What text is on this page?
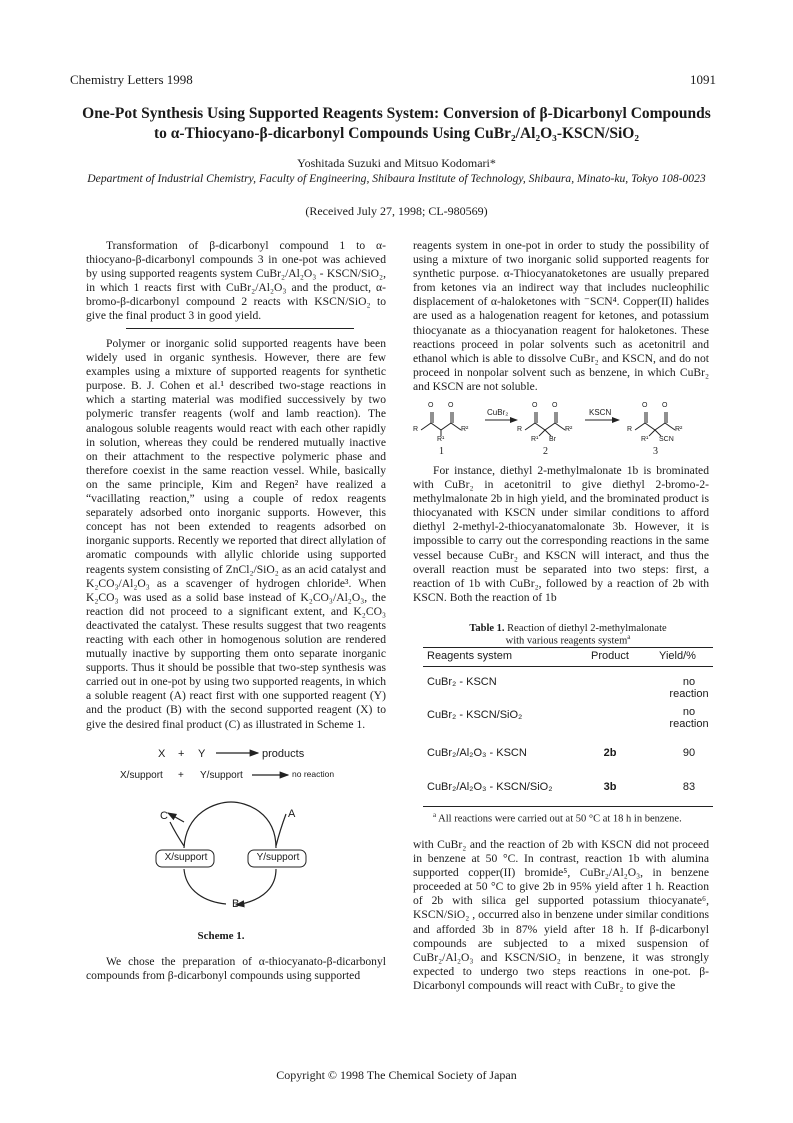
Chemistry Letters 1998	1091
One-Pot Synthesis Using Supported Reagents System: Conversion of β-Dicarbonyl Compounds
to α-Thiocyano-β-dicarbonyl Compounds Using CuBr₂/Al₂O₃-KSCN/SiO₂
Yoshitada Suzuki and Mitsuo Kodomari*
Department of Industrial Chemistry, Faculty of Engineering, Shibaura Institute of Technology, Shibaura, Minato-ku, Tokyo 108-0023
(Received July 27, 1998; CL-980569)

Transformation of β-dicarbonyl compound 1 to α-thiocyano-β-dicarbonyl compounds 3 in one-pot was achieved by using supported reagents system CuBr₂/Al₂O₃ - KSCN/SiO₂, in which 1 reacts first with CuBr₂/Al₂O₃ and the product, α-bromo-β-dicarbonyl compound 2 reacts with KSCN/SiO₂ to give the final product 3 in good yield.

Polymer or inorganic solid supported reagents have been widely used in organic synthesis. However, there are few examples using a mixture of supported reagents for synthetic purpose. B. J. Cohen et al.¹ described two-stage reactions in which a starting material was modified successively by two polymeric transfer reagents (wolf and lamb reaction). The analogous soluble reagents would react with each other rapidly in solution, whereas they could be rendered mutually inactive on their attachment to the respective polymeric phase and therefore coexist in the same reaction vessel. While, basically on the same principle, Kim and Regen² have realized a “vacillating reaction,” using a couple of redox reagents separately adsorbed onto inorganic supports. However, this concept has not been extended to reagents adsorbed on inorganic supports. Recently we reported that direct allylation of aromatic compounds with allylic chloride using supported reagents system consisting of ZnCl₂/SiO₂ as an acid catalyst and K₂CO₃/Al₂O₃ as a scavenger of hydrogen chloride³. When K₂CO₃ was used as a solid base instead of K₂CO₃/Al₂O₃, the reaction did not proceed to a significant extent, and K₂CO₃ deactivated the catalyst. These results suggest that two reagents reacting with each other in homogenous solution are rendered mutually inactive by supporting them onto separate inorganic supports. Thus it should be possible that two-step synthesis was carried out in one-pot by using two supported reagents, in which a soluble reagent (A) react first with one supported reagent (Y) and the product (B) with the second supported reagent (X) to give the desired final product (C) as illustrated in Scheme 1.

X + Y	products
X/support + Y/support	no reaction
C	A
B
X/support	Y/support
Scheme 1.

We chose the preparation of α-thiocyanato-β-dicarbonyl compounds from β-dicarbonyl compounds using supported

reagents system in one-pot in order to study the possibility of using a mixture of two inorganic solid supported reagents for synthetic purpose. α-Thiocyanatoketones are usually prepared from ketones via an indirect way that includes nucleophilic displacement of α-haloketones with ⁻SCN⁴. Copper(II) halides are used as a halogenation reagent for ketones, and potassium thiocyanate as a thiocyanation reagent for haloketones. These reactions proceed in polar solvents such as acetonitril and ethanol which is able to dissolve CuBr₂ and KSCN, and do not proceed in nonpolar solvent such as benzene, in which CuBr₂ and KSCN are not soluble.

O O
R	R²
R¹
1
CuBr₂
O O
R	R²
R¹ Br
2
KSCN
O O
R	R²
R¹ SCN
3

For instance, diethyl 2-methylmalonate 1b is brominated with CuBr₂ in acetonitril to give diethyl 2-bromo-2-methylmalonate 2b in high yield, and the brominated product is thiocyanated with KSCN under similar conditions to afford diethyl 2-methyl-2-thiocyanatomalonate 3b. However, it is impossible to carry out the corresponding reactions in the same vessel because CuBr₂ and KSCN will interact, and thus the overall reaction must be separated into two steps: first, a reaction of 1b with CuBr₂, followed by a reaction of 2b with KSCN. Both the reaction of 1b

Table 1. Reaction of diethyl 2-methylmalonate
with various reagents system$^a$
Reagents system	Product	Yield/%
CuBr₂ - KSCN		no reaction
CuBr₂ - KSCN/SiO₂		no reaction
CuBr₂/Al₂O₃ - KSCN	2b	90
CuBr₂/Al₂O₃ - KSCN/SiO₂	3b	83
$^a$ All reactions were carried out at 50 °C at 18 h in benzene.

with CuBr₂ and the reaction of 2b with KSCN did not proceed in benzene at 50 °C. In contrast, reaction 1b with alumina supported copper(II) bromide⁵, CuBr₂/Al₂O₃, in benzene proceeded at 50 °C to give 2b in 95% yield after 1 h. Reaction of 2b with silica gel supported potassium thiocyanate⁶, KSCN/SiO₂ , occurred also in benzene under similar conditions and afforded 3b in 87% yield after 18 h. If β-dicarbonyl compounds are subjected to a mixed suspension of CuBr₂/Al₂O₃ and KSCN/SiO₂ in benzene, it was strongly expected to undergo two steps reactions in one-pot. β-Dicarbonyl compounds will react with CuBr₂ to give the

Copyright © 1998 The Chemical Society of Japan
